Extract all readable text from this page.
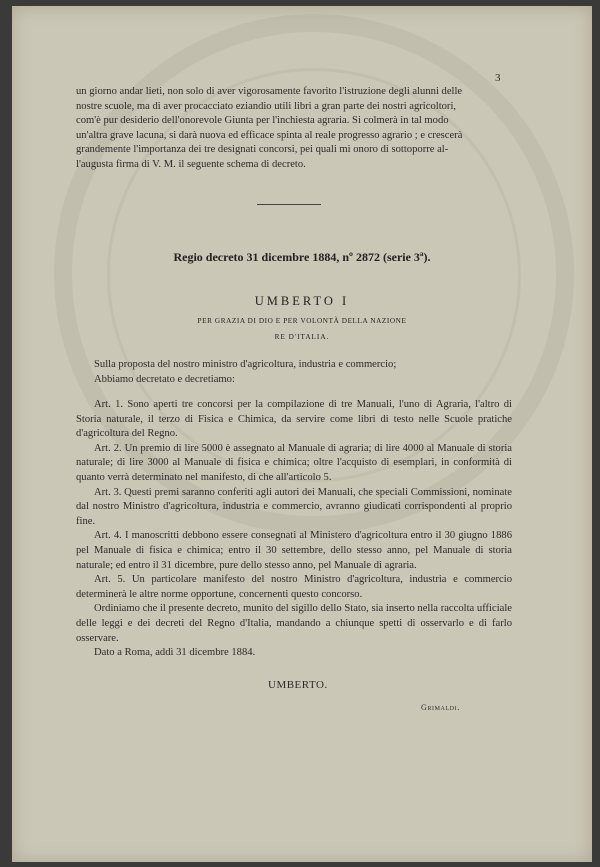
3
un giorno andar lieti, non solo di aver vigorosamente favorito l'istruzione degli alunni delle
nostre scuole, ma di aver procacciato eziandio utili libri a gran parte dei nostri agricoltori,
com'è pur desiderio dell'onorevole Giunta per l'inchiesta agraria. Si colmerà in tal modo
un'altra grave lacuna, si darà nuova ed efficace spinta al reale progresso agrario ; e crescerà
grandemente l'importanza dei tre designati concorsi, pei quali mi onoro di sottoporre al-
l'augusta firma di V. M. il seguente schema di decreto.
Regio decreto 31 dicembre 1884, nº 2872 (serie 3ª).
UMBERTO I
PER GRAZIA DI DIO E PER VOLONTÀ DELLA NAZIONE
RE D'ITALIA.
Sulla proposta del nostro ministro d'agricoltura, industria e commercio;
Abbiamo decretato e decretiamo:

Art. 1. Sono aperti tre concorsi per la compilazione di tre Manuali, l'uno di Agraria, l'altro di Storia naturale, il terzo di Fisica e Chimica, da servire come libri di testo nelle Scuole pratiche d'agricoltura del Regno.

Art. 2. Un premio di lire 5000 è assegnato al Manuale di agraria; di lire 4000 al Manuale di storia naturale; di lire 3000 al Manuale di fisica e chimica; oltre l'acquisto di esemplari, in conformità di quanto verrà determinato nel manifesto, di che all'articolo 5.

Art. 3. Questi premi saranno conferiti agli autori dei Manuali, che speciali Commissioni, nominate dal nostro Ministro d'agricoltura, industria e commercio, avranno giudicati corrispondenti al proprio fine.

Art. 4. I manoscritti debbono essere consegnati al Ministero d'agricoltura entro il 30 giugno 1886 pel Manuale di fisica e chimica; entro il 30 settembre, dello stesso anno, pel Manuale di storia naturale; ed entro il 31 dicembre, pure dello stesso anno, pel Manuale di agraria.

Art. 5. Un particolare manifesto del nostro Ministro d'agricoltura, industria e commercio determinerà le altre norme opportune, concernenti questo concorso.

Ordiniamo che il presente decreto, munito del sigillo dello Stato, sia inserto nella raccolta ufficiale delle leggi e dei decreti del Regno d'Italia, mandando a chiunque spetti di osservarlo e di farlo osservare.

Dato a Roma, addì 31 dicembre 1884.
UMBERTO.
Grimaldi.
